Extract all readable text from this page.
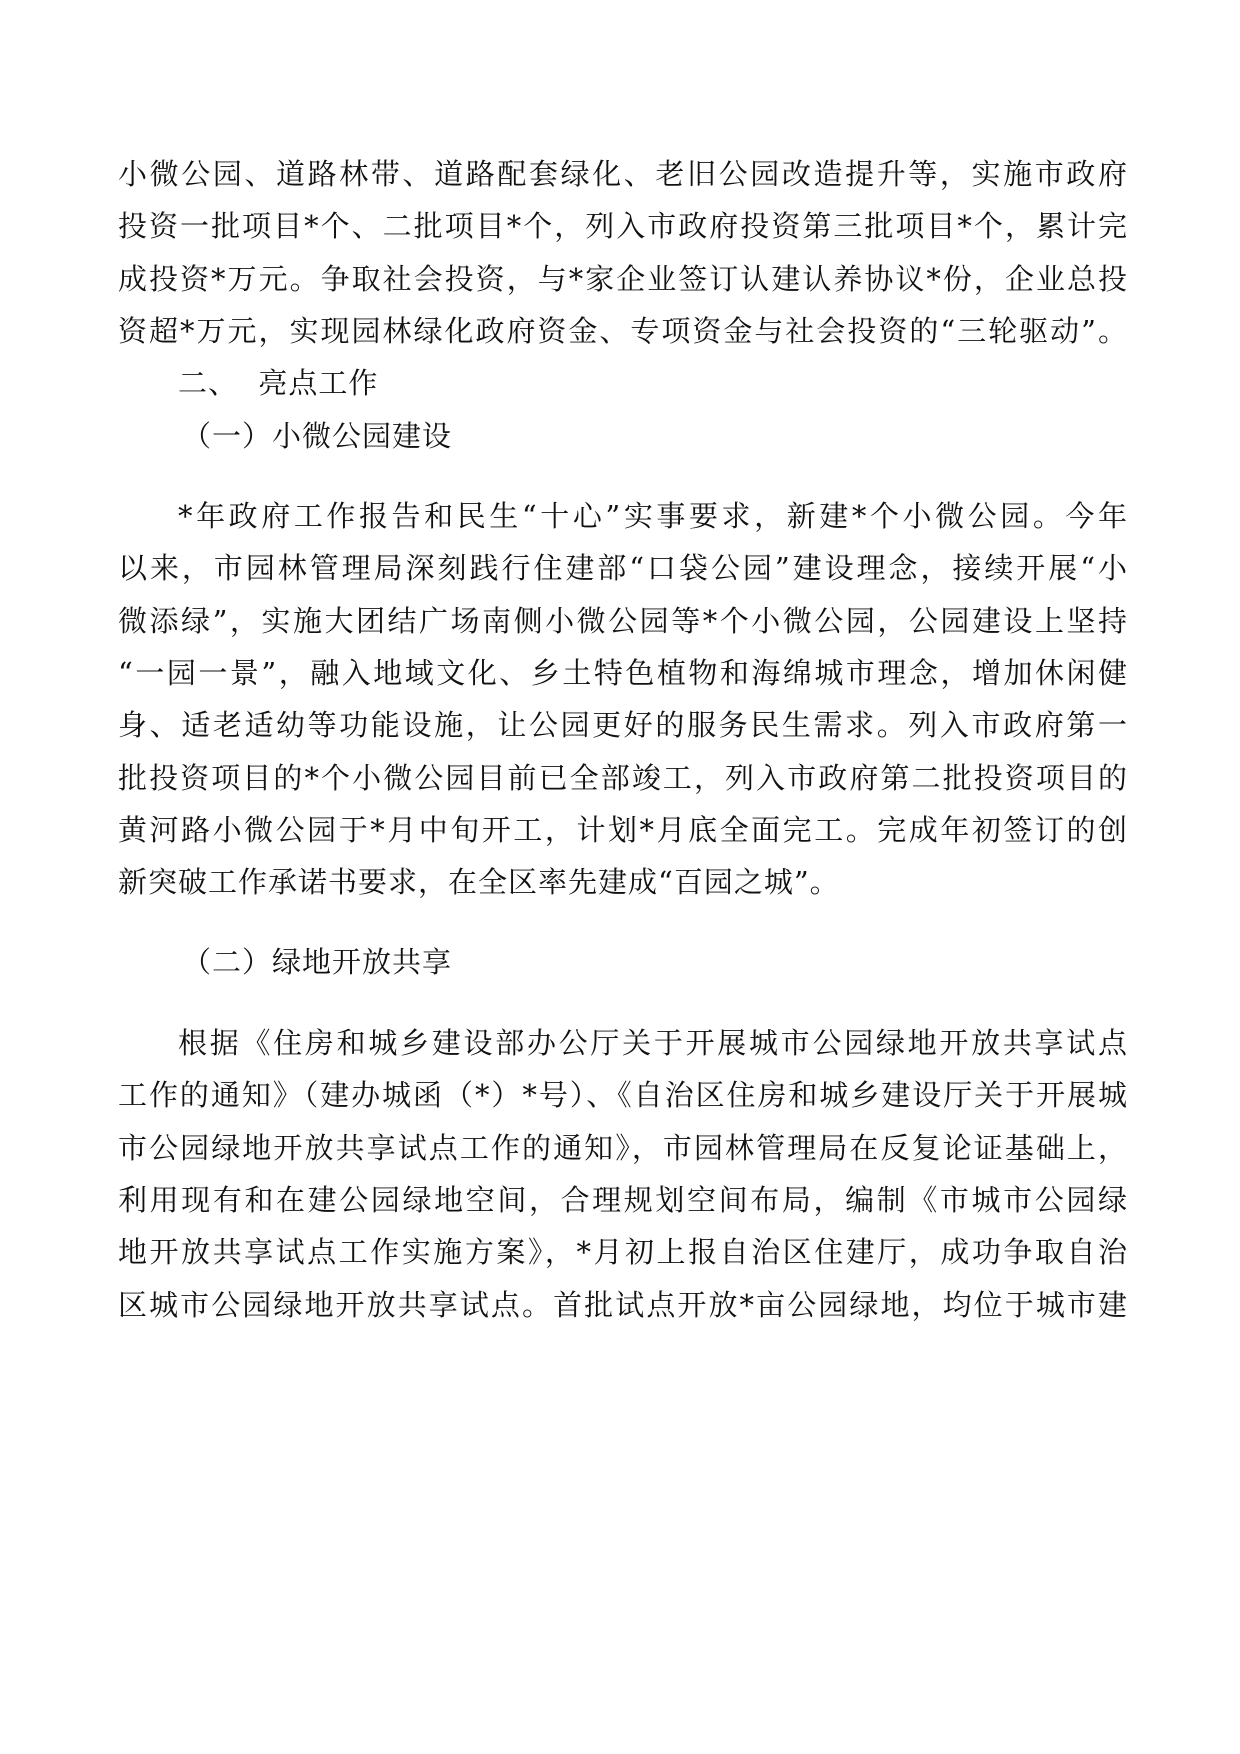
小微公园、道路林带、道路配套绿化、老旧公园改造提升等，实施市政府

投资一批项目*个、二批项目*个，列入市政府投资第三批项目*个，累计完

成投资*万元。争取社会投资，与*家企业签订认建认养协议*份，企业总投

资超*万元，实现园林绿化政府资金、专项资金与社会投资的“三轮驱动”。

二、  亮点工作

（一）小微公园建设

*年政府工作报告和民生“十心”实事要求，新建*个小微公园。今年

以来，市园林管理局深刻践行住建部“口袋公园”建设理念，接续开展“小

微添绿”，实施大团结广场南侧小微公园等*个小微公园，公园建设上坚持

“一园一景”，融入地域文化、乡土特色植物和海绵城市理念，增加休闲健

身、适老适幼等功能设施，让公园更好的服务民生需求。列入市政府第一

批投资项目的*个小微公园目前已全部竣工，列入市政府第二批投资项目的

黄河路小微公园于*月中旬开工，计划*月底全面完工。完成年初签订的创

新突破工作承诺书要求，在全区率先建成“百园之城”。

（二）绿地开放共享

根据《住房和城乡建设部办公厅关于开展城市公园绿地开放共享试点

工作的通知》（建办城函（*）*号）、《自治区住房和城乡建设厅关于开展城

市公园绿地开放共享试点工作的通知》，市园林管理局在反复论证基础上，

利用现有和在建公园绿地空间，合理规划空间布局，编制《市城市公园绿

地开放共享试点工作实施方案》，*月初上报自治区住建厅，成功争取自治

区城市公园绿地开放共享试点。首批试点开放*亩公园绿地，均位于城市建
